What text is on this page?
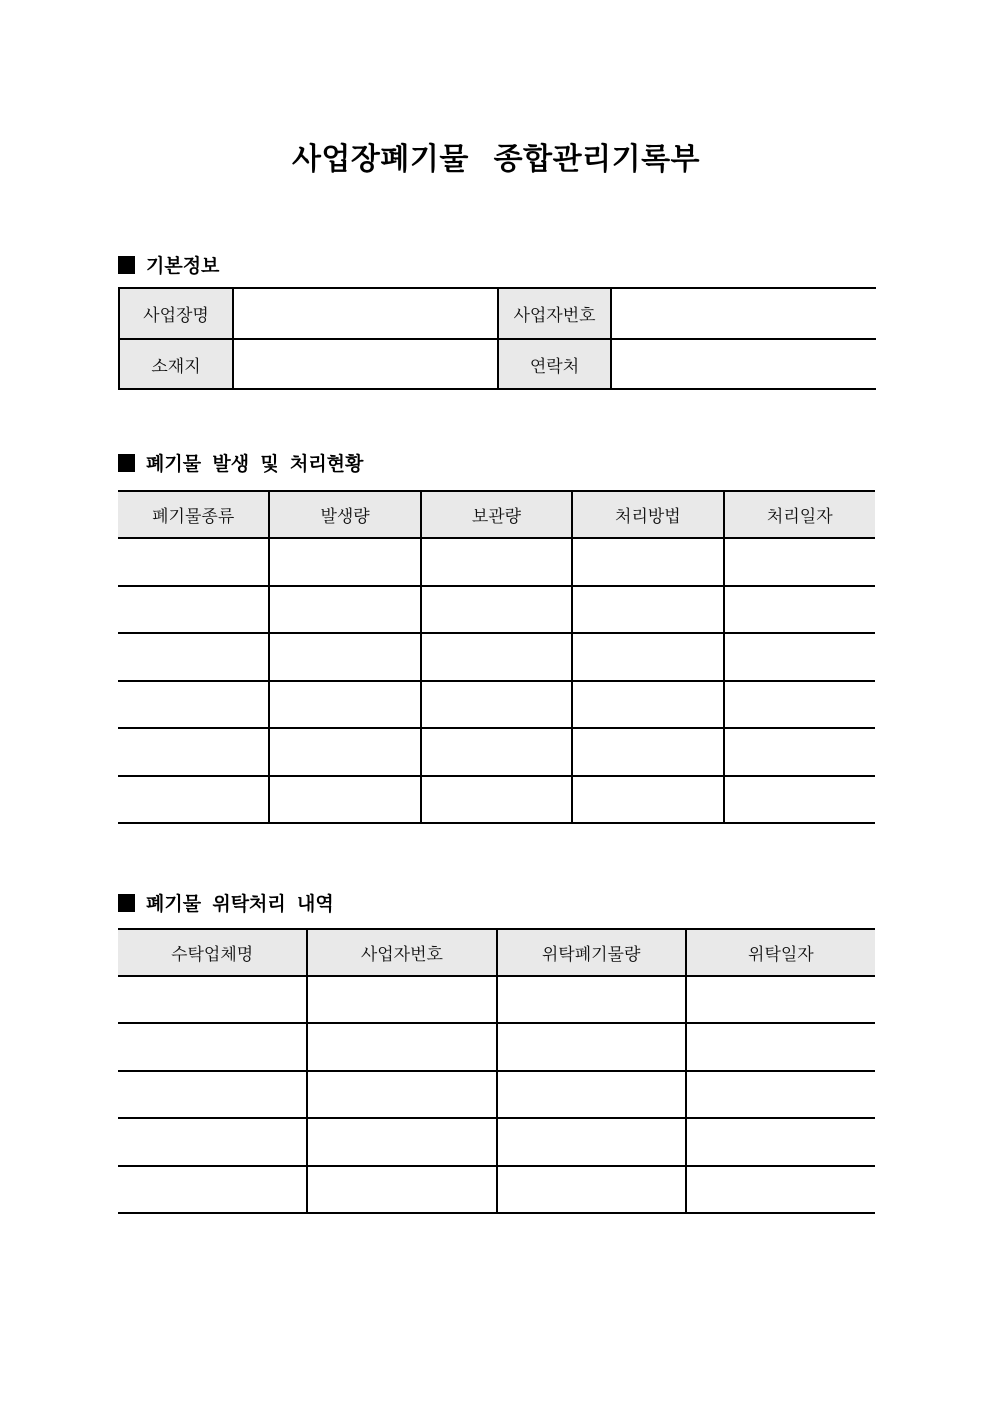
사업장폐기물 종합관리기록부
기본정보
사업장명		사업자번호	
소재지		연락처	
폐기물 발생 및 처리현황
폐기물종류	발생량	보관량	처리방법	처리일자

폐기물 위탁처리 내역
수탁업체명	사업자번호	위탁폐기물량	위탁일자
